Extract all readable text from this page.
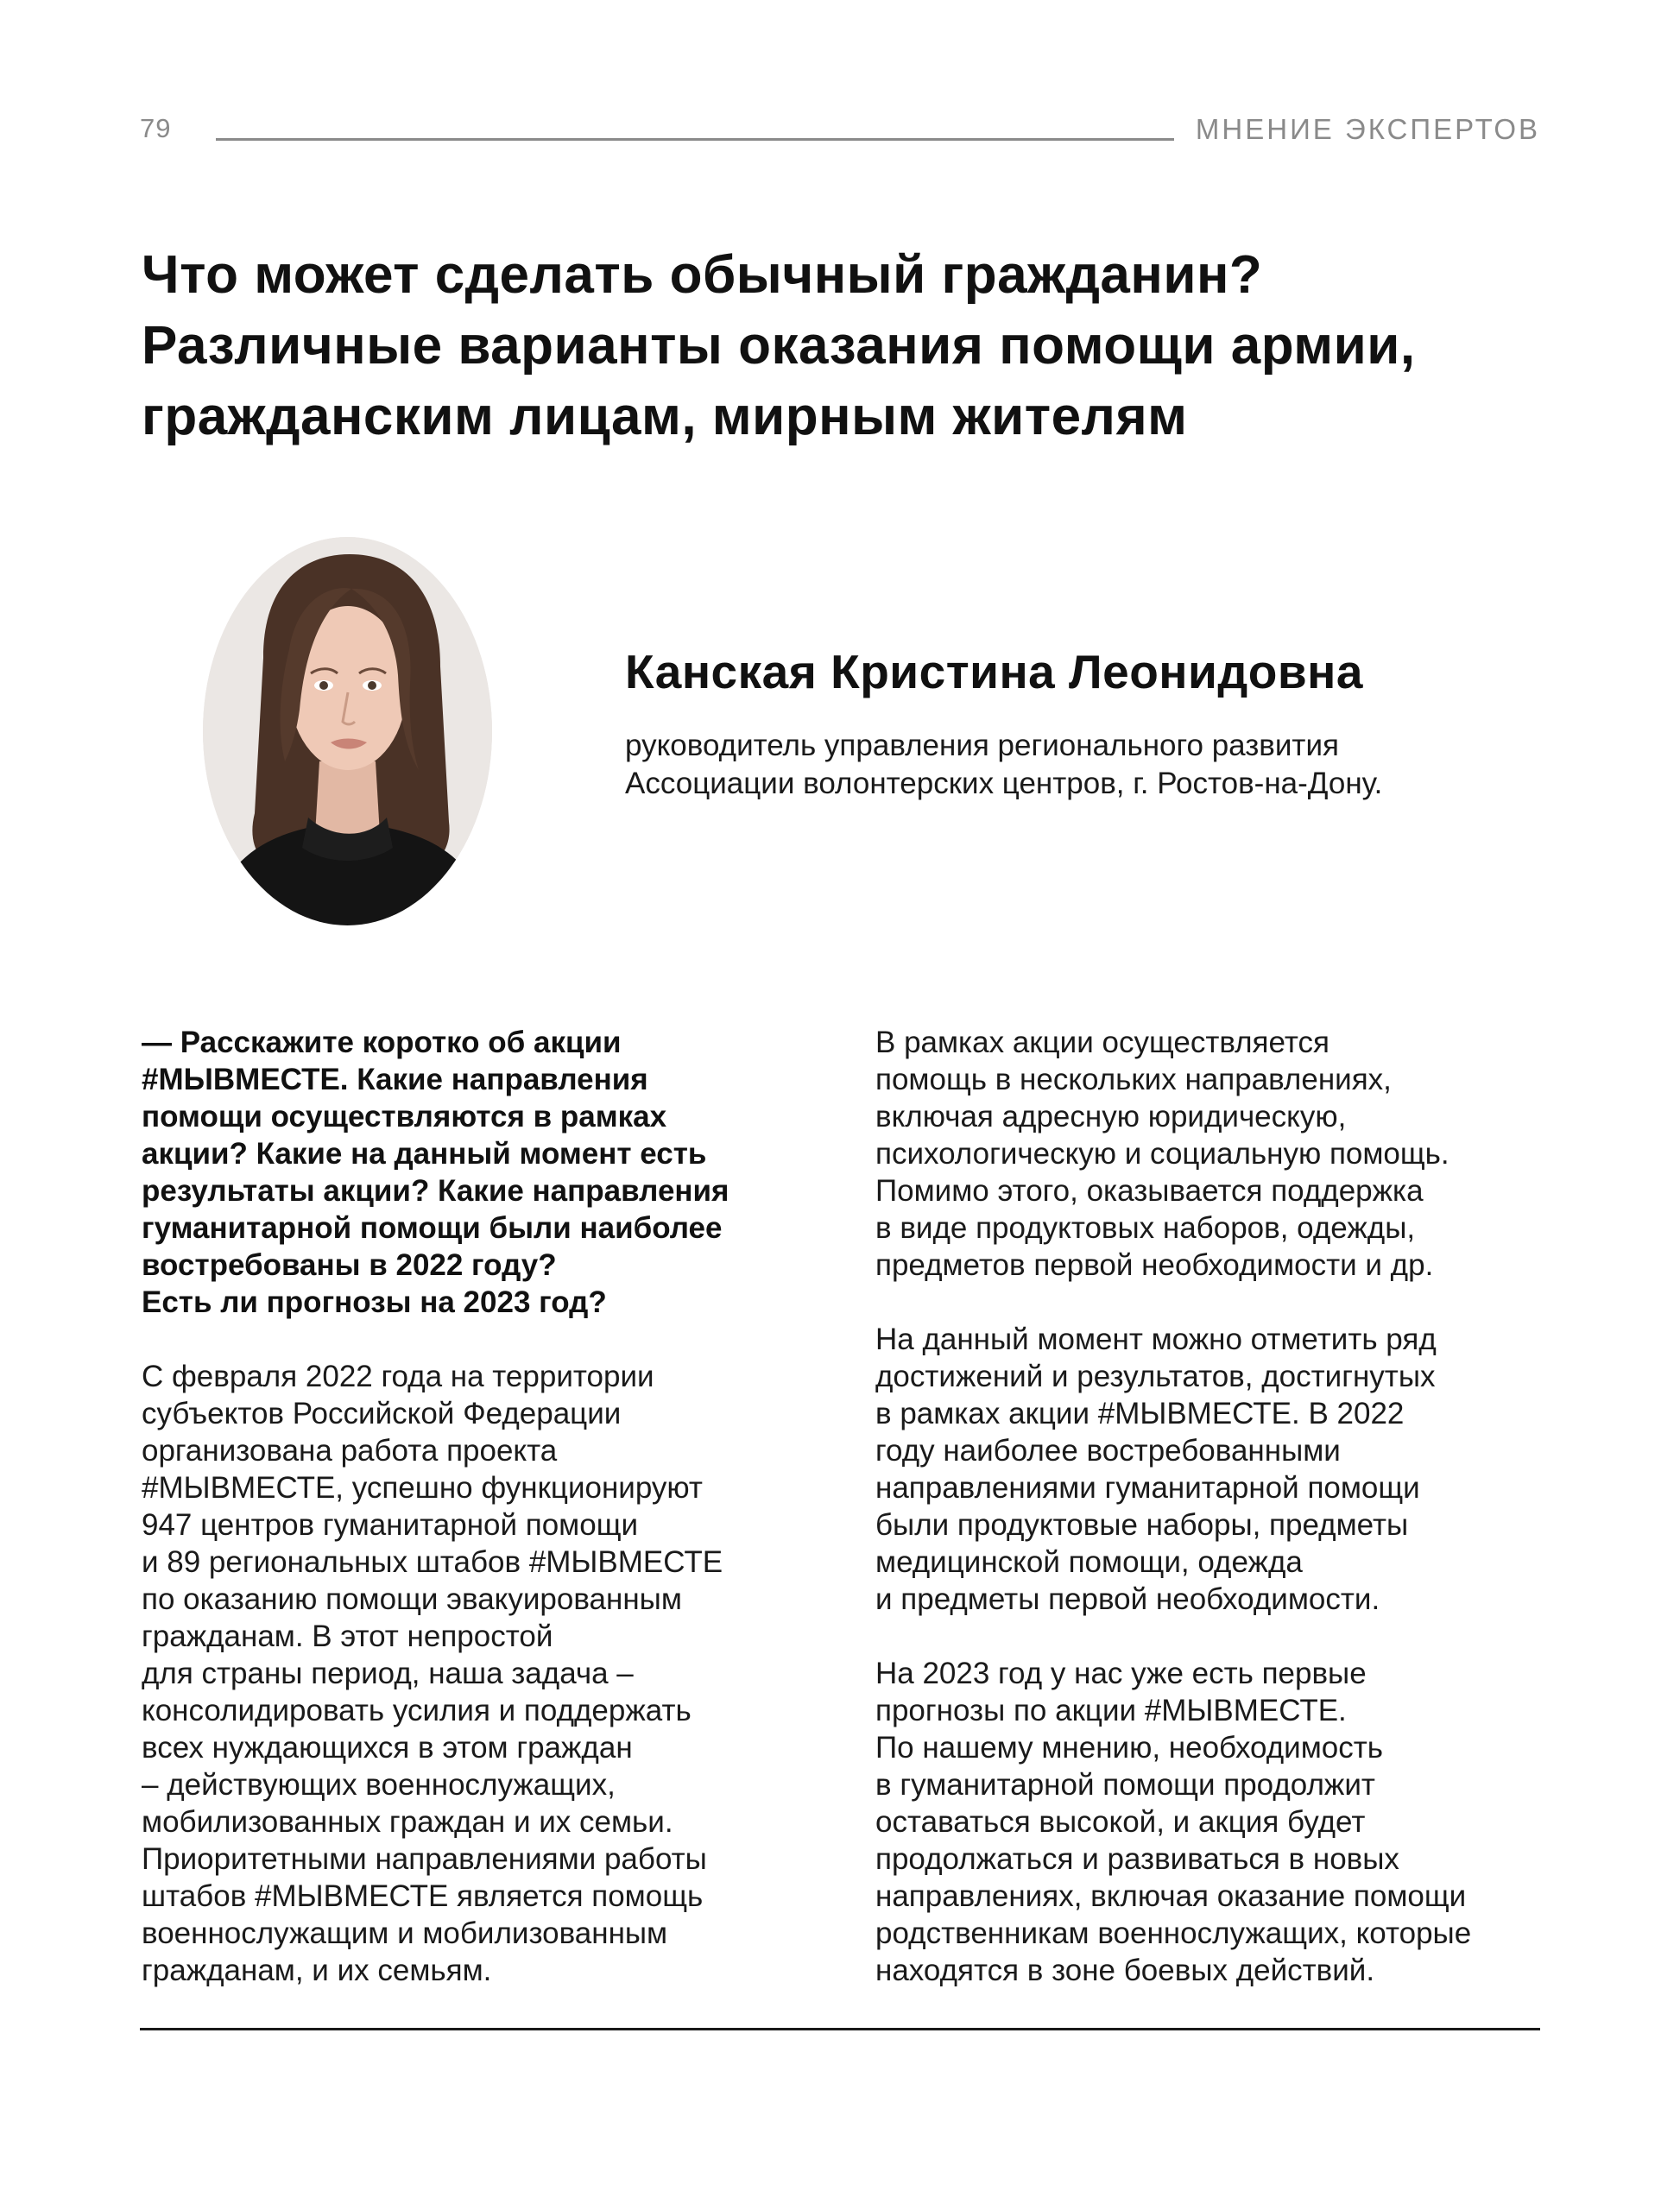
79	МНЕНИЕ ЭКСПЕРТОВ
Что может сделать обычный гражданин?
Различные варианты оказания помощи армии,
гражданским лицам, мирным жителям
Канская Кристина Леонидовна

руководитель управления регионального развития
Ассоциации волонтерских центров, г. Ростов-на-Дону.

— Расскажите коротко об акции
#МЫВМЕСТЕ. Какие направления
помощи осуществляются в рамках
акции? Какие на данный момент есть
результаты акции? Какие направления
гуманитарной помощи были наиболее
востребованы в 2022 году?
Есть ли прогнозы на 2023 год?

С февраля 2022 года на территории
субъектов Российской Федерации
организована работа проекта
#МЫВМЕСТЕ, успешно функционируют
947 центров гуманитарной помощи
и 89 региональных штабов #МЫВМЕСТЕ
по оказанию помощи эвакуированным
гражданам. В этот непростой
для страны период, наша задача –
консолидировать усилия и поддержать
всех нуждающихся в этом граждан
– действующих военнослужащих,
мобилизованных граждан и их семьи.
Приоритетными направлениями работы
штабов #МЫВМЕСТЕ является помощь
военнослужащим и мобилизованным
гражданам, и их семьям.

В рамках акции осуществляется
помощь в нескольких направлениях,
включая адресную юридическую,
психологическую и социальную помощь.
Помимо этого, оказывается поддержка
в виде продуктовых наборов, одежды,
предметов первой необходимости и др.

На данный момент можно отметить ряд
достижений и результатов, достигнутых
в рамках акции #МЫВМЕСТЕ. В 2022
году наиболее востребованными
направлениями гуманитарной помощи
были продуктовые наборы, предметы
медицинской помощи, одежда
и предметы первой необходимости.

На 2023 год у нас уже есть первые
прогнозы по акции #МЫВМЕСТЕ.
По нашему мнению, необходимость
в гуманитарной помощи продолжит
оставаться высокой, и акция будет
продолжаться и развиваться в новых
направлениях, включая оказание помощи
родственникам военнослужащих, которые
находятся в зоне боевых действий.
